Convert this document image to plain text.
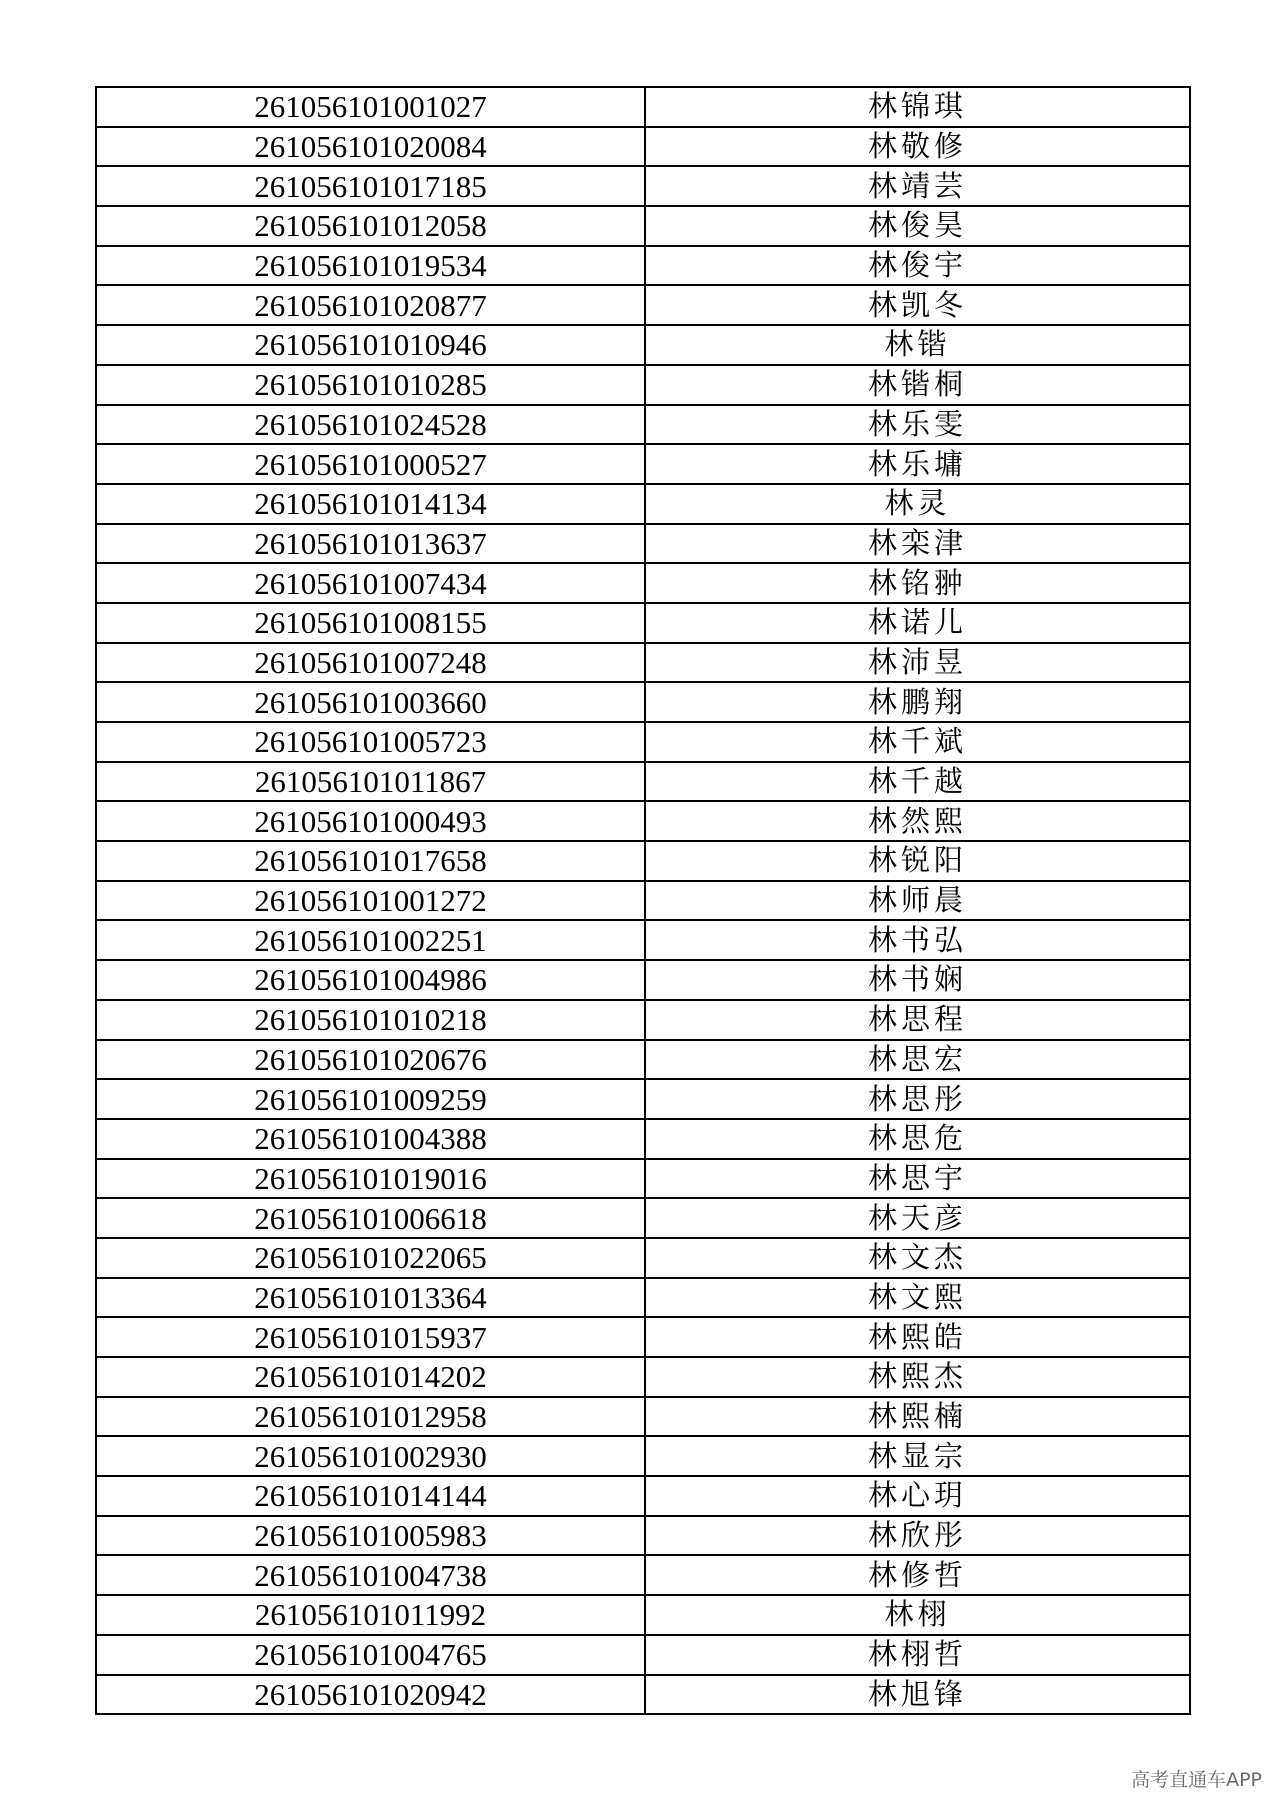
261056101001027	林锦琪
261056101020084	林敬修
261056101017185	林靖芸
261056101012058	林俊昊
261056101019534	林俊宇
261056101020877	林凯冬
261056101010946	林锴
261056101010285	林锴桐
261056101024528	林乐雯
261056101000527	林乐墉
261056101014134	林灵
261056101013637	林栾津
261056101007434	林铭翀
261056101008155	林诺儿
261056101007248	林沛昱
261056101003660	林鹏翔
261056101005723	林千斌
261056101011867	林千越
261056101000493	林然熙
261056101017658	林锐阳
261056101001272	林师晨
261056101002251	林书弘
261056101004986	林书娴
261056101010218	林思程
261056101020676	林思宏
261056101009259	林思彤
261056101004388	林思危
261056101019016	林思宇
261056101006618	林天彦
261056101022065	林文杰
261056101013364	林文熙
261056101015937	林熙皓
261056101014202	林熙杰
261056101012958	林熙楠
261056101002930	林显宗
261056101014144	林心玥
261056101005983	林欣彤
261056101004738	林修哲
261056101011992	林栩
261056101004765	林栩哲
261056101020942	林旭锋
高考直通车APP
